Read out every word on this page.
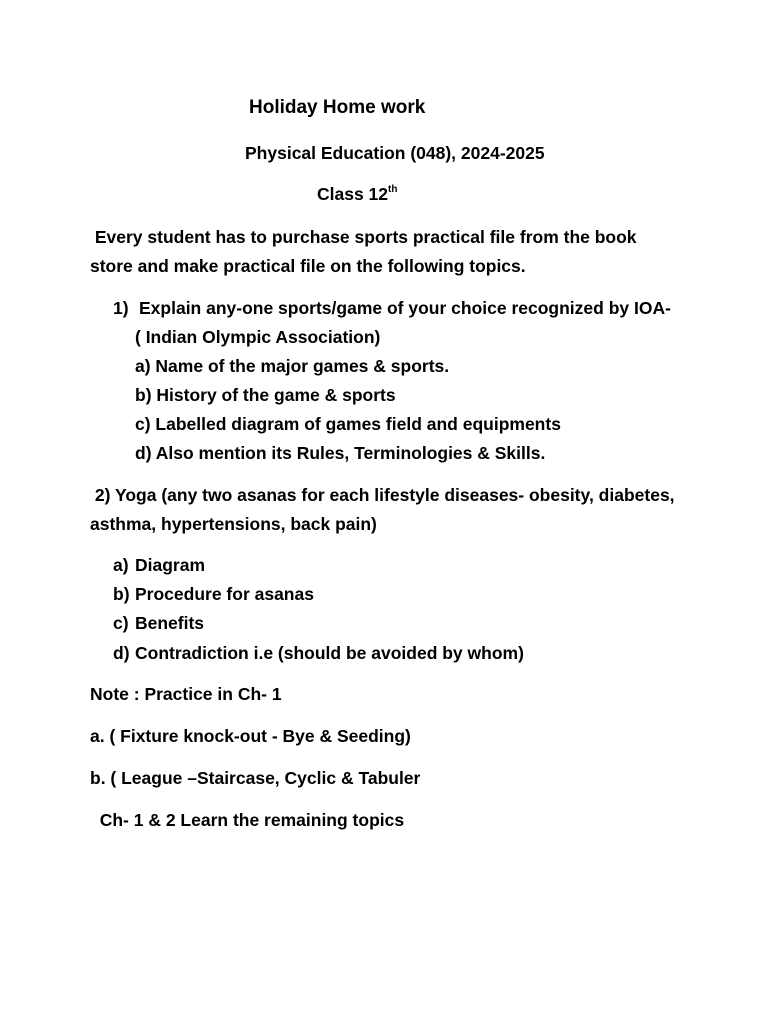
Holiday Home work
Physical Education (048), 2024-2025
Class 12th
Every student has to purchase sports practical file from the book
store and make practical file on the following topics.
1) Explain any-one sports/game of your choice recognized by IOA-
( Indian Olympic Association)
a) Name of the major games & sports.
b) History of the game & sports
c) Labelled diagram of games field and equipments
d) Also mention its Rules, Terminologies & Skills.
2) Yoga (any two asanas for each lifestyle diseases- obesity, diabetes,
asthma, hypertensions, back pain)
a) Diagram
b) Procedure for asanas
c) Benefits
d) Contradiction i.e (should be avoided by whom)
Note : Practice in Ch- 1
a. ( Fixture knock-out - Bye & Seeding)
b. ( League –Staircase, Cyclic & Tabuler
Ch- 1 & 2 Learn the remaining topics
